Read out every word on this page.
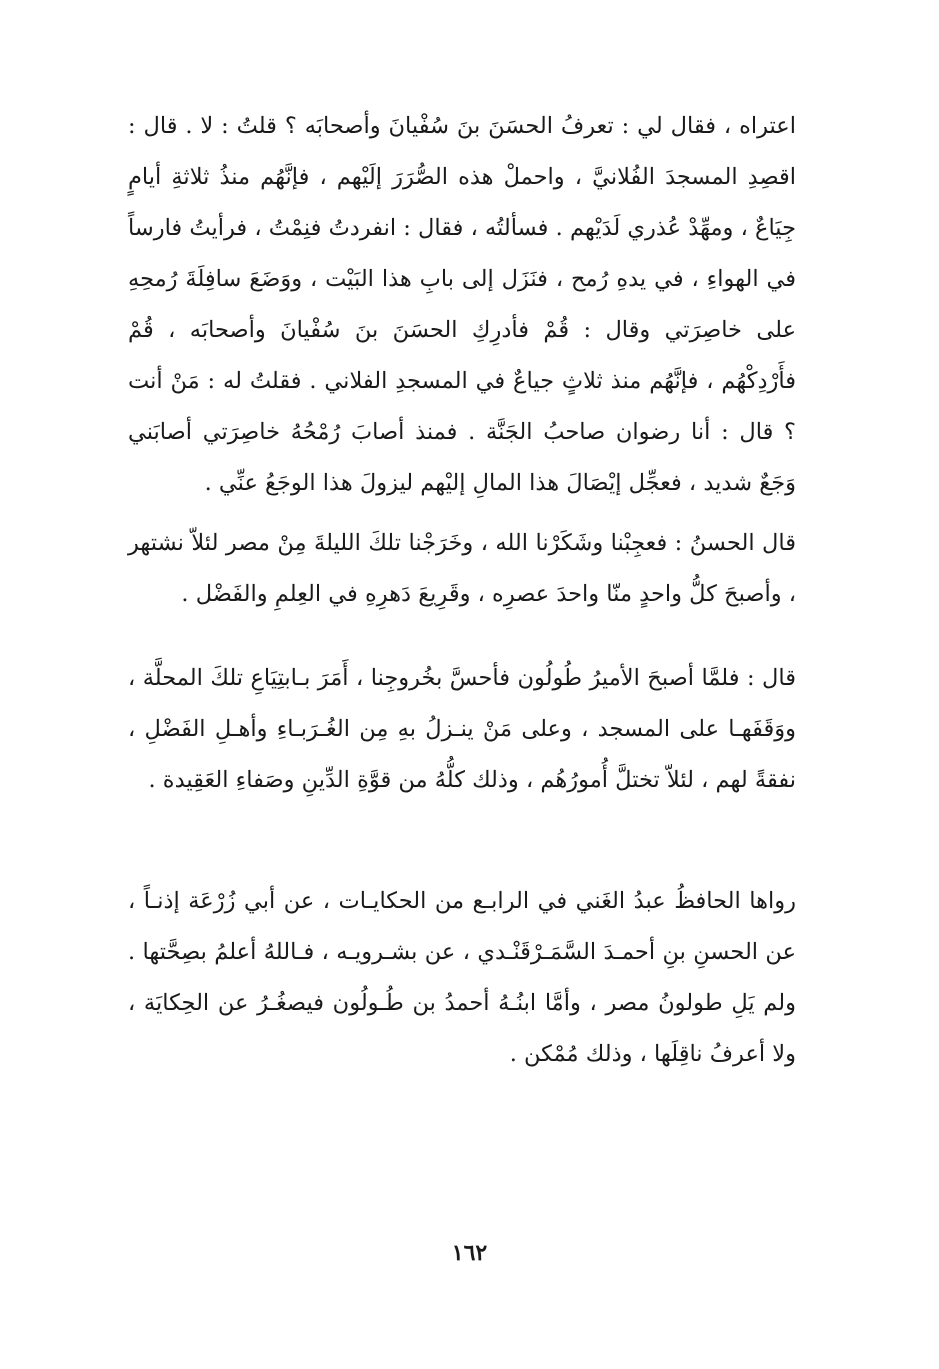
اعتراه ، فقال لي : تعرفُ الحسَنَ بنَ سُفْيانَ وأصحابَه ؟ قلتُ : لا . قال : اقصِدِ المسجدَ الفُلانيَّ ، واحملْ هذه الصُّرَرَ إلَيْهم ، فإنَّهُم منذُ ثلاثةِ أيامٍ جِيَاعٌ ، ومهِّدْ عُذري لَدَيْهم . فسألتُه ، فقال : انفردتُ فنِمْتُ ، فرأيتُ فارساً في الهواءِ ، في يدهِ رُمح ، فنَزَل إلى بابِ هذا البَيْت ، ووَضَعَ سافِلَةَ رُمحِهِ على خاصِرَتي وقال : قُمْ فأدرِكِ الحسَنَ بنَ سُفْيانَ وأصحابَه ، قُمْ فأَرْدِكْهُم ، فإنَّهُم منذ ثلاثٍ جياعٌ في المسجدِ الفلاني . فقلتُ له : مَنْ أنت ؟ قال : أنا رضوان صاحبُ الجَنَّة . فمنذ أصابَ رُمْحُهُ خاصِرَتي أصابَني وَجَعٌ شديد ، فعجِّل إيْصَالَ هذا المالِ إليْهم ليزولَ هذا الوجَعُ عنِّي .

قال الحسنُ : فعجِبْنا وشَكَرْنا الله ، وخَرَجْنا تلكَ الليلةَ مِنْ مصر لئلاّ نشتهر ، وأصبحَ كلُّ واحدٍ منّا واحدَ عصرِه ، وقَرِيعَ دَهرِهِ في العِلمِ والفَضْل .

قال : فلمَّا أصبحَ الأميرُ طُولُون فأحسَّ بخُروجِنا ، أَمَرَ بـابتِيَاعِ تلكَ المحلَّة ، ووَقَفَهـا على المسجد ، وعلى مَنْ ينـزلُ بهِ مِن الغُـرَبـاءِ وأهـلِ الفَضْلِ ، نفقةً لهم ، لئلاّ تختلَّ أُمورُهُم ، وذلك كلُّهُ من قوَّةِ الدِّينِ وصَفاءِ العَقِيدة .

رواها الحافظُ عبدُ الغَني في الرابـع من الحكايـات ، عن أبي زُرْعَة إذنـاً ، عن الحسنِ بنِ أحمـدَ السَّمَـرْقَنْـدي ، عن بشـرويـه ، فـاللهُ أعلمُ بصِحَّتها . ولم يَلِ طولونُ مصر ، وأمَّا ابنُـهُ أحمدُ بن طُـولُون فيصغُـرُ عن الحِكايَة ، ولا أعرفُ ناقِلَها ، وذلك مُمْكن .

١٦٢
